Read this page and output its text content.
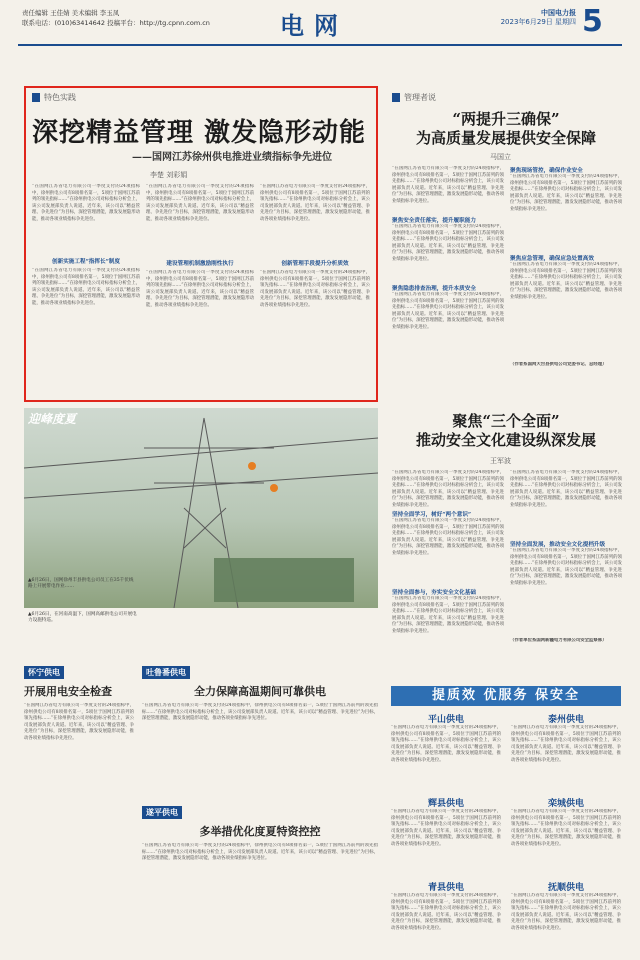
责任编辑 王佳婧 美术编辑 李玉凤
联系电话：(010)63414642 投稿平台：http://tg.cpnn.com.cn	电网	中国电力报
2023年6月29日 星期四 5
特色实践
深挖精益管理 激发隐形动能
——国网江苏徐州供电推进业绩指标争先进位
李楚 刘彩娟
“在国网江苏省电力有限公司一季度支付的24项指标中，徐州供电公司有8项排名第一，5项位于国网江苏前列的领先指标……”在徐州供电公司对标指标分析会上，该公司发展部负责人说道。近年来，该公司以“精益管理、争先进位”为目标，深挖管理潜能，激发发展隐形动能，推动各项业绩指标争先进位。
创新实施工程“指挥长”制度
“在国网江苏省电力有限公司一季度支付的24项指标中，徐州供电公司有8项排名第一，5项位于国网江苏前列的领先指标……”在徐州供电公司对标指标分析会上，该公司发展部负责人说道。近年来，该公司以“精益管理、争先进位”为目标，深挖管理潜能，激发发展隐形动能，推动各项业绩指标争先进位。
“在国网江苏省电力有限公司一季度支付的24项指标中，徐州供电公司有8项排名第一，5项位于国网江苏前列的领先指标……”在徐州供电公司对标指标分析会上，该公司发展部负责人说道。近年来，该公司以“精益管理、争先进位”为目标，深挖管理潜能，激发发展隐形动能，推动各项业绩指标争先进位。
建设管理机制激励刚性执行
“在国网江苏省电力有限公司一季度支付的24项指标中，徐州供电公司有8项排名第一，5项位于国网江苏前列的领先指标……”在徐州供电公司对标指标分析会上，该公司发展部负责人说道。近年来，该公司以“精益管理、争先进位”为目标，深挖管理潜能，激发发展隐形动能，推动各项业绩指标争先进位。
“在国网江苏省电力有限公司一季度支付的24项指标中，徐州供电公司有8项排名第一，5项位于国网江苏前列的领先指标……”在徐州供电公司对标指标分析会上，该公司发展部负责人说道。近年来，该公司以“精益管理、争先进位”为目标，深挖管理潜能，激发发展隐形动能，推动各项业绩指标争先进位。
创新管理手段提升分析质效
“在国网江苏省电力有限公司一季度支付的24项指标中，徐州供电公司有8项排名第一，5项位于国网江苏前列的领先指标……”在徐州供电公司对标指标分析会上，该公司发展部负责人说道。近年来，该公司以“精益管理、争先进位”为目标，深挖管理潜能，激发发展隐形动能，推动各项业绩指标争先进位。
迎峰度夏
▲6月26日，国网徐州丰县供电公司员工在35千伏线路上开展带电作业……
▲6月26日，在河南高温下，国网高邮供电公司开展电力设施特巡。
怀宁供电
开展用电安全检查
“在国网江苏省电力有限公司一季度支付的24项指标中，徐州供电公司有8项排名第一，5项位于国网江苏前列的领先指标……”在徐州供电公司对标指标分析会上，该公司发展部负责人说道。近年来，该公司以“精益管理、争先进位”为目标，深挖管理潜能，激发发展隐形动能，推动各项业绩指标争先进位。
吐鲁番供电
全力保障高温期间可靠供电
“在国网江苏省电力有限公司一季度支付的24项指标中，徐州供电公司有8项排名第一，5项位于国网江苏前列的领先指标……”在徐州供电公司对标指标分析会上，该公司发展部负责人说道。近年来，该公司以“精益管理、争先进位”为目标，深挖管理潜能，激发发展隐形动能，推动各项业绩指标争先进位。
遂平供电
多举措优化度夏特资控控
“在国网江苏省电力有限公司一季度支付的24项指标中，徐州供电公司有8项排名第一，5项位于国网江苏前列的领先指标……”在徐州供电公司对标指标分析会上，该公司发展部负责人说道。近年来，该公司以“精益管理、争先进位”为目标，深挖管理潜能，激发发展隐形动能，推动各项业绩指标争先进位。
管理者说
“两提升三确保”
为高质量发展提供安全保障
马国立
“在国网江苏省电力有限公司一季度支付的24项指标中，徐州供电公司有8项排名第一，5项位于国网江苏前列的领先指标……”在徐州供电公司对标指标分析会上，该公司发展部负责人说道。近年来，该公司以“精益管理、争先进位”为目标，深挖管理潜能，激发发展隐形动能，推动各项业绩指标争先进位。
聚焦安全责任落实，提升履职能力
“在国网江苏省电力有限公司一季度支付的24项指标中，徐州供电公司有8项排名第一，5项位于国网江苏前列的领先指标……”在徐州供电公司对标指标分析会上，该公司发展部负责人说道。近年来，该公司以“精益管理、争先进位”为目标，深挖管理潜能，激发发展隐形动能，推动各项业绩指标争先进位。
聚焦隐患排查治理，提升本质安全
“在国网江苏省电力有限公司一季度支付的24项指标中，徐州供电公司有8项排名第一，5项位于国网江苏前列的领先指标……”在徐州供电公司对标指标分析会上，该公司发展部负责人说道。近年来，该公司以“精益管理、争先进位”为目标，深挖管理潜能，激发发展隐形动能，推动各项业绩指标争先进位。
聚焦现场管控，确保作业安全
“在国网江苏省电力有限公司一季度支付的24项指标中，徐州供电公司有8项排名第一，5项位于国网江苏前列的领先指标……”在徐州供电公司对标指标分析会上，该公司发展部负责人说道。近年来，该公司以“精益管理、争先进位”为目标，深挖管理潜能，激发发展隐形动能，推动各项业绩指标争先进位。
聚焦应急管理，确保应急处置高效
“在国网江苏省电力有限公司一季度支付的24项指标中，徐州供电公司有8项排名第一，5项位于国网江苏前列的领先指标……”在徐州供电公司对标指标分析会上，该公司发展部负责人说道。近年来，该公司以“精益管理、争先进位”为目标，深挖管理潜能，激发发展隐形动能，推动各项业绩指标争先进位。
（作者系国网天台县供电公司党委书记、总经理）
聚焦“三个全面”
推动安全文化建设纵深发展
王军波
“在国网江苏省电力有限公司一季度支付的24项指标中，徐州供电公司有8项排名第一，5项位于国网江苏前列的领先指标……”在徐州供电公司对标指标分析会上，该公司发展部负责人说道。近年来，该公司以“精益管理、争先进位”为目标，深挖管理潜能，激发发展隐形动能，推动各项业绩指标争先进位。
坚持全面学习，树好“两个意识”
“在国网江苏省电力有限公司一季度支付的24项指标中，徐州供电公司有8项排名第一，5项位于国网江苏前列的领先指标……”在徐州供电公司对标指标分析会上，该公司发展部负责人说道。近年来，该公司以“精益管理、争先进位”为目标，深挖管理潜能，激发发展隐形动能，推动各项业绩指标争先进位。
坚持全面参与，夯实安全文化基础
“在国网江苏省电力有限公司一季度支付的24项指标中，徐州供电公司有8项排名第一，5项位于国网江苏前列的领先指标……”在徐州供电公司对标指标分析会上，该公司发展部负责人说道。近年来，该公司以“精益管理、争先进位”为目标，深挖管理潜能，激发发展隐形动能，推动各项业绩指标争先进位。
“在国网江苏省电力有限公司一季度支付的24项指标中，徐州供电公司有8项排名第一，5项位于国网江苏前列的领先指标……”在徐州供电公司对标指标分析会上，该公司发展部负责人说道。近年来，该公司以“精益管理、争先进位”为目标，深挖管理潜能，激发发展隐形动能，推动各项业绩指标争先进位。
坚持全面发展，推动安全文化提档升级
“在国网江苏省电力有限公司一季度支付的24项指标中，徐州供电公司有8项排名第一，5项位于国网江苏前列的领先指标……”在徐州供电公司对标指标分析会上，该公司发展部负责人说道。近年来，该公司以“精益管理、争先进位”为目标，深挖管理潜能，激发发展隐形动能，推动各项业绩指标争先进位。
（作者单位系国网新疆电力有限公司安全监察部）
提质效 优服务 保安全
平山供电
“在国网江苏省电力有限公司一季度支付的24项指标中，徐州供电公司有8项排名第一，5项位于国网江苏前列的领先指标……”在徐州供电公司对标指标分析会上，该公司发展部负责人说道。近年来，该公司以“精益管理、争先进位”为目标，深挖管理潜能，激发发展隐形动能，推动各项业绩指标争先进位。
泰州供电
“在国网江苏省电力有限公司一季度支付的24项指标中，徐州供电公司有8项排名第一，5项位于国网江苏前列的领先指标……”在徐州供电公司对标指标分析会上，该公司发展部负责人说道。近年来，该公司以“精益管理、争先进位”为目标，深挖管理潜能，激发发展隐形动能，推动各项业绩指标争先进位。
辉县供电
“在国网江苏省电力有限公司一季度支付的24项指标中，徐州供电公司有8项排名第一，5项位于国网江苏前列的领先指标……”在徐州供电公司对标指标分析会上，该公司发展部负责人说道。近年来，该公司以“精益管理、争先进位”为目标，深挖管理潜能，激发发展隐形动能，推动各项业绩指标争先进位。
栾城供电
“在国网江苏省电力有限公司一季度支付的24项指标中，徐州供电公司有8项排名第一，5项位于国网江苏前列的领先指标……”在徐州供电公司对标指标分析会上，该公司发展部负责人说道。近年来，该公司以“精益管理、争先进位”为目标，深挖管理潜能，激发发展隐形动能，推动各项业绩指标争先进位。
青县供电
“在国网江苏省电力有限公司一季度支付的24项指标中，徐州供电公司有8项排名第一，5项位于国网江苏前列的领先指标……”在徐州供电公司对标指标分析会上，该公司发展部负责人说道。近年来，该公司以“精益管理、争先进位”为目标，深挖管理潜能，激发发展隐形动能，推动各项业绩指标争先进位。
抚顺供电
“在国网江苏省电力有限公司一季度支付的24项指标中，徐州供电公司有8项排名第一，5项位于国网江苏前列的领先指标……”在徐州供电公司对标指标分析会上，该公司发展部负责人说道。近年来，该公司以“精益管理、争先进位”为目标，深挖管理潜能，激发发展隐形动能，推动各项业绩指标争先进位。
